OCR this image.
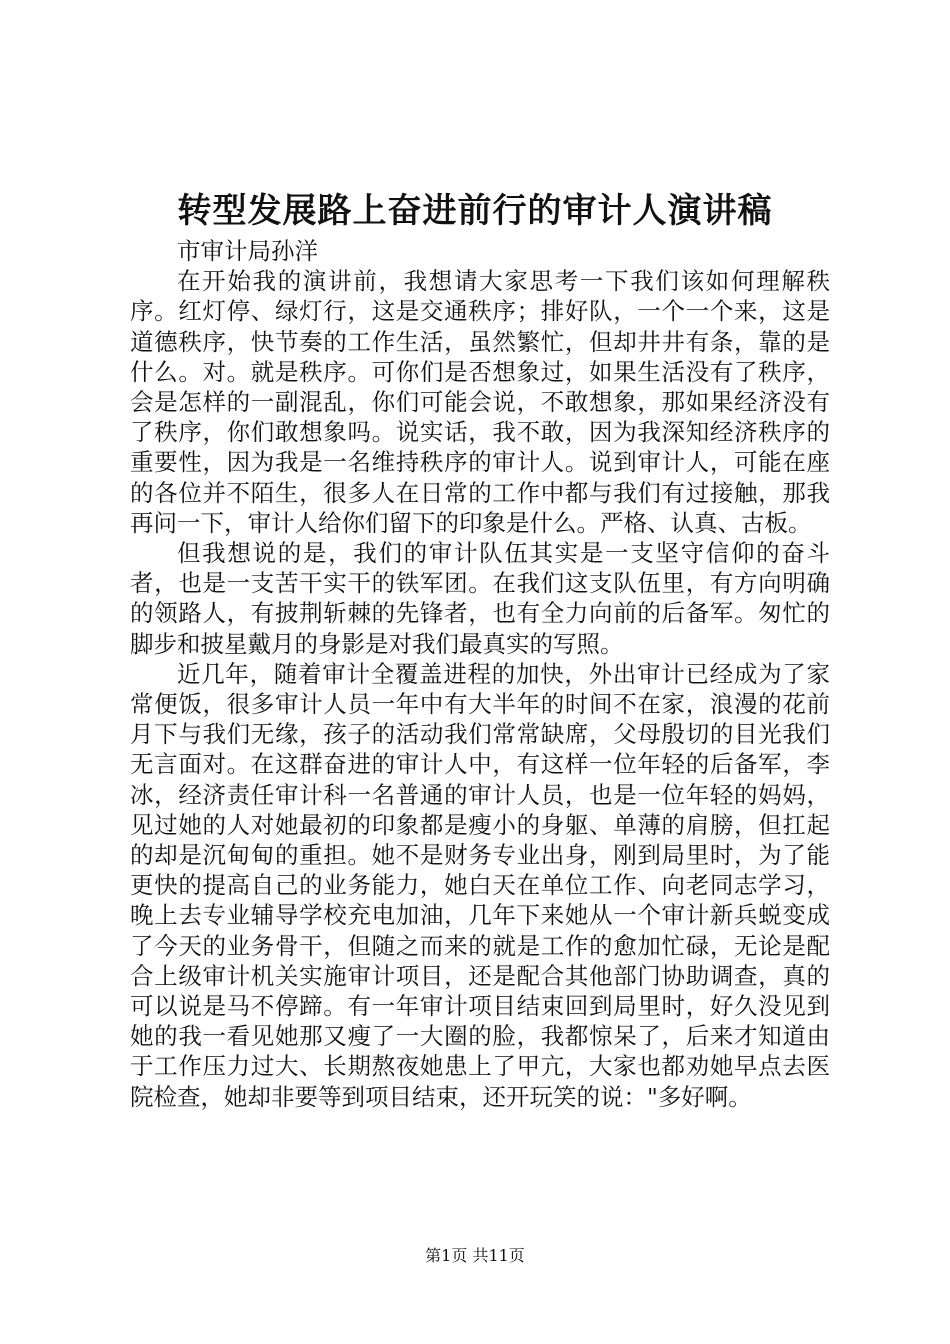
转型发展路上奋进前行的审计人演讲稿

市审计局孙洋

在开始我的演讲前，我想请大家思考一下我们该如何理解秩序。红灯停、绿灯行，这是交通秩序；排好队，一个一个来，这是道德秩序，快节奏的工作生活，虽然繁忙，但却井井有条，靠的是什么。对。就是秩序。可你们是否想象过，如果生活没有了秩序，会是怎样的一副混乱，你们可能会说，不敢想象，那如果经济没有了秩序，你们敢想象吗。说实话，我不敢，因为我深知经济秩序的重要性，因为我是一名维持秩序的审计人。说到审计人，可能在座的各位并不陌生，很多人在日常的工作中都与我们有过接触，那我再问一下，审计人给你们留下的印象是什么。严格、认真、古板。

但我想说的是，我们的审计队伍其实是一支坚守信仰的奋斗者，也是一支苦干实干的铁军团。在我们这支队伍里，有方向明确的领路人，有披荆斩棘的先锋者，也有全力向前的后备军。匆忙的脚步和披星戴月的身影是对我们最真实的写照。

近几年，随着审计全覆盖进程的加快，外出审计已经成为了家常便饭，很多审计人员一年中有大半年的时间不在家，浪漫的花前月下与我们无缘，孩子的活动我们常常缺席，父母殷切的目光我们无言面对。在这群奋进的审计人中，有这样一位年轻的后备军，李冰，经济责任审计科一名普通的审计人员，也是一位年轻的妈妈，见过她的人对她最初的印象都是瘦小的身躯、单薄的肩膀，但扛起的却是沉甸甸的重担。她不是财务专业出身，刚到局里时，为了能更快的提高自己的业务能力，她白天在单位工作、向老同志学习，晚上去专业辅导学校充电加油，几年下来她从一个审计新兵蜕变成了今天的业务骨干，但随之而来的就是工作的愈加忙碌，无论是配合上级审计机关实施审计项目，还是配合其他部门协助调查，真的可以说是马不停蹄。有一年审计项目结束回到局里时，好久没见到她的我一看见她那又瘦了一大圈的脸，我都惊呆了，后来才知道由于工作压力过大、长期熬夜她患上了甲亢，大家也都劝她早点去医院检查，她却非要等到项目结束，还开玩笑的说："多好啊。

第1页 共11页
